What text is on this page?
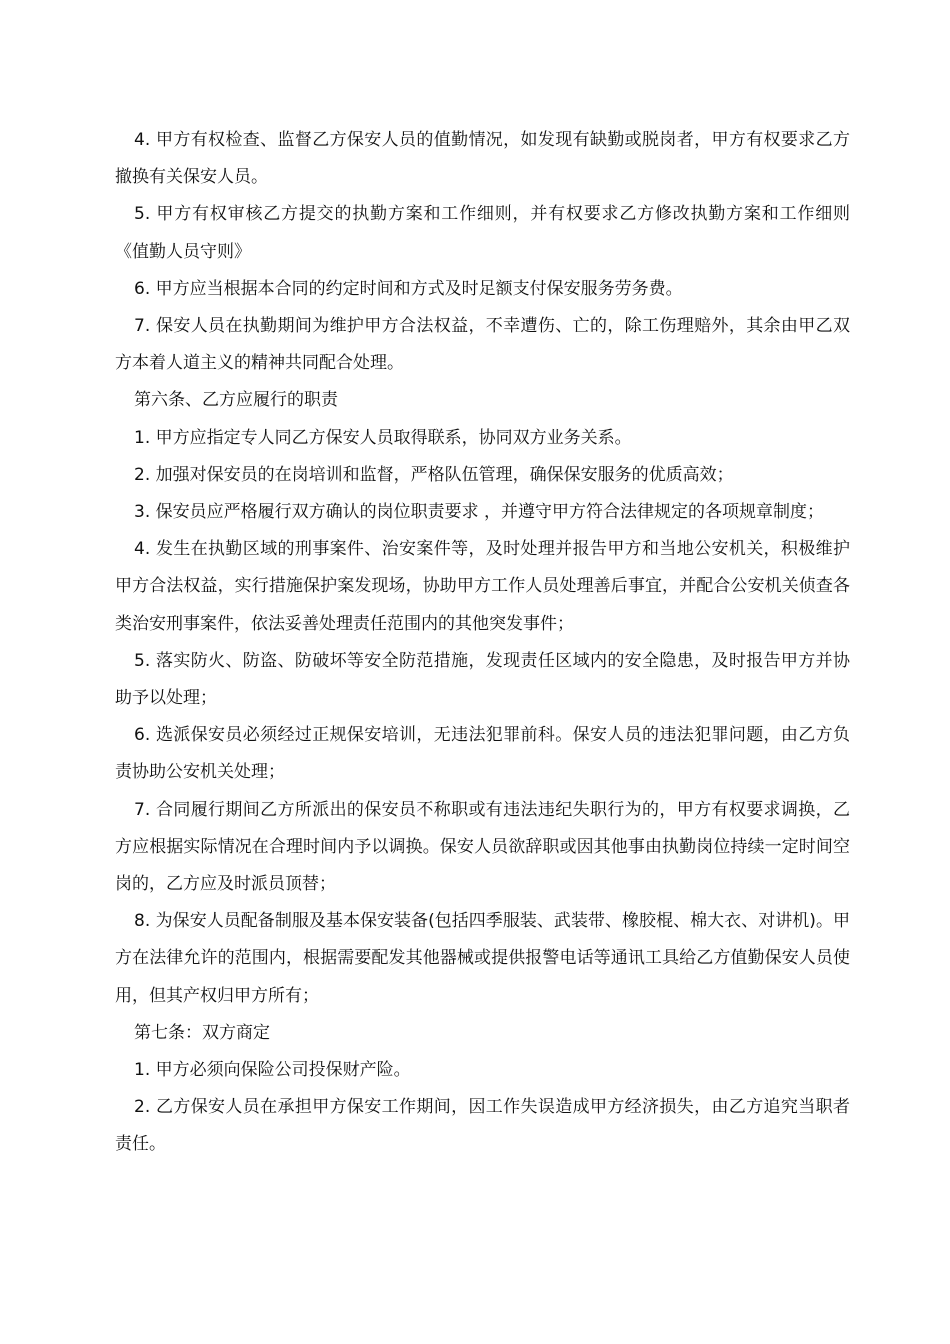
4. 甲方有权检查、监督乙方保安人员的值勤情况，如发现有缺勤或脱岗者，甲方有权要求乙方撤换有关保安人员。

5. 甲方有权审核乙方提交的执勤方案和工作细则，并有权要求乙方修改执勤方案和工作细则《值勤人员守则》

6. 甲方应当根据本合同的约定时间和方式及时足额支付保安服务劳务费。

7. 保安人员在执勤期间为维护甲方合法权益，不幸遭伤、亡的，除工伤理赔外，其余由甲乙双方本着人道主义的精神共同配合处理。

第六条、乙方应履行的职责

1. 甲方应指定专人同乙方保安人员取得联系，协同双方业务关系。

2. 加强对保安员的在岗培训和监督，严格队伍管理，确保保安服务的优质高效；

3. 保安员应严格履行双方确认的岗位职责要求 ，并遵守甲方符合法律规定的各项规章制度；

4. 发生在执勤区域的刑事案件、治安案件等，及时处理并报告甲方和当地公安机关，积极维护甲方合法权益，实行措施保护案发现场，协助甲方工作人员处理善后事宜，并配合公安机关侦查各类治安刑事案件，依法妥善处理责任范围内的其他突发事件；

5. 落实防火、防盗、防破坏等安全防范措施，发现责任区域内的安全隐患，及时报告甲方并协助予以处理；

6. 选派保安员必须经过正规保安培训，无违法犯罪前科。保安人员的违法犯罪问题，由乙方负责协助公安机关处理；

7. 合同履行期间乙方所派出的保安员不称职或有违法违纪失职行为的，甲方有权要求调换，乙方应根据实际情况在合理时间内予以调换。保安人员欲辞职或因其他事由执勤岗位持续一定时间空岗的，乙方应及时派员顶替；

8. 为保安人员配备制服及基本保安装备(包括四季服装、武装带、橡胶棍、棉大衣、对讲机)。甲方在法律允许的范围内，根据需要配发其他器械或提供报警电话等通讯工具给乙方值勤保安人员使用，但其产权归甲方所有；

第七条：双方商定

1. 甲方必须向保险公司投保财产险。

2. 乙方保安人员在承担甲方保安工作期间，因工作失误造成甲方经济损失，由乙方追究当职者责任。
